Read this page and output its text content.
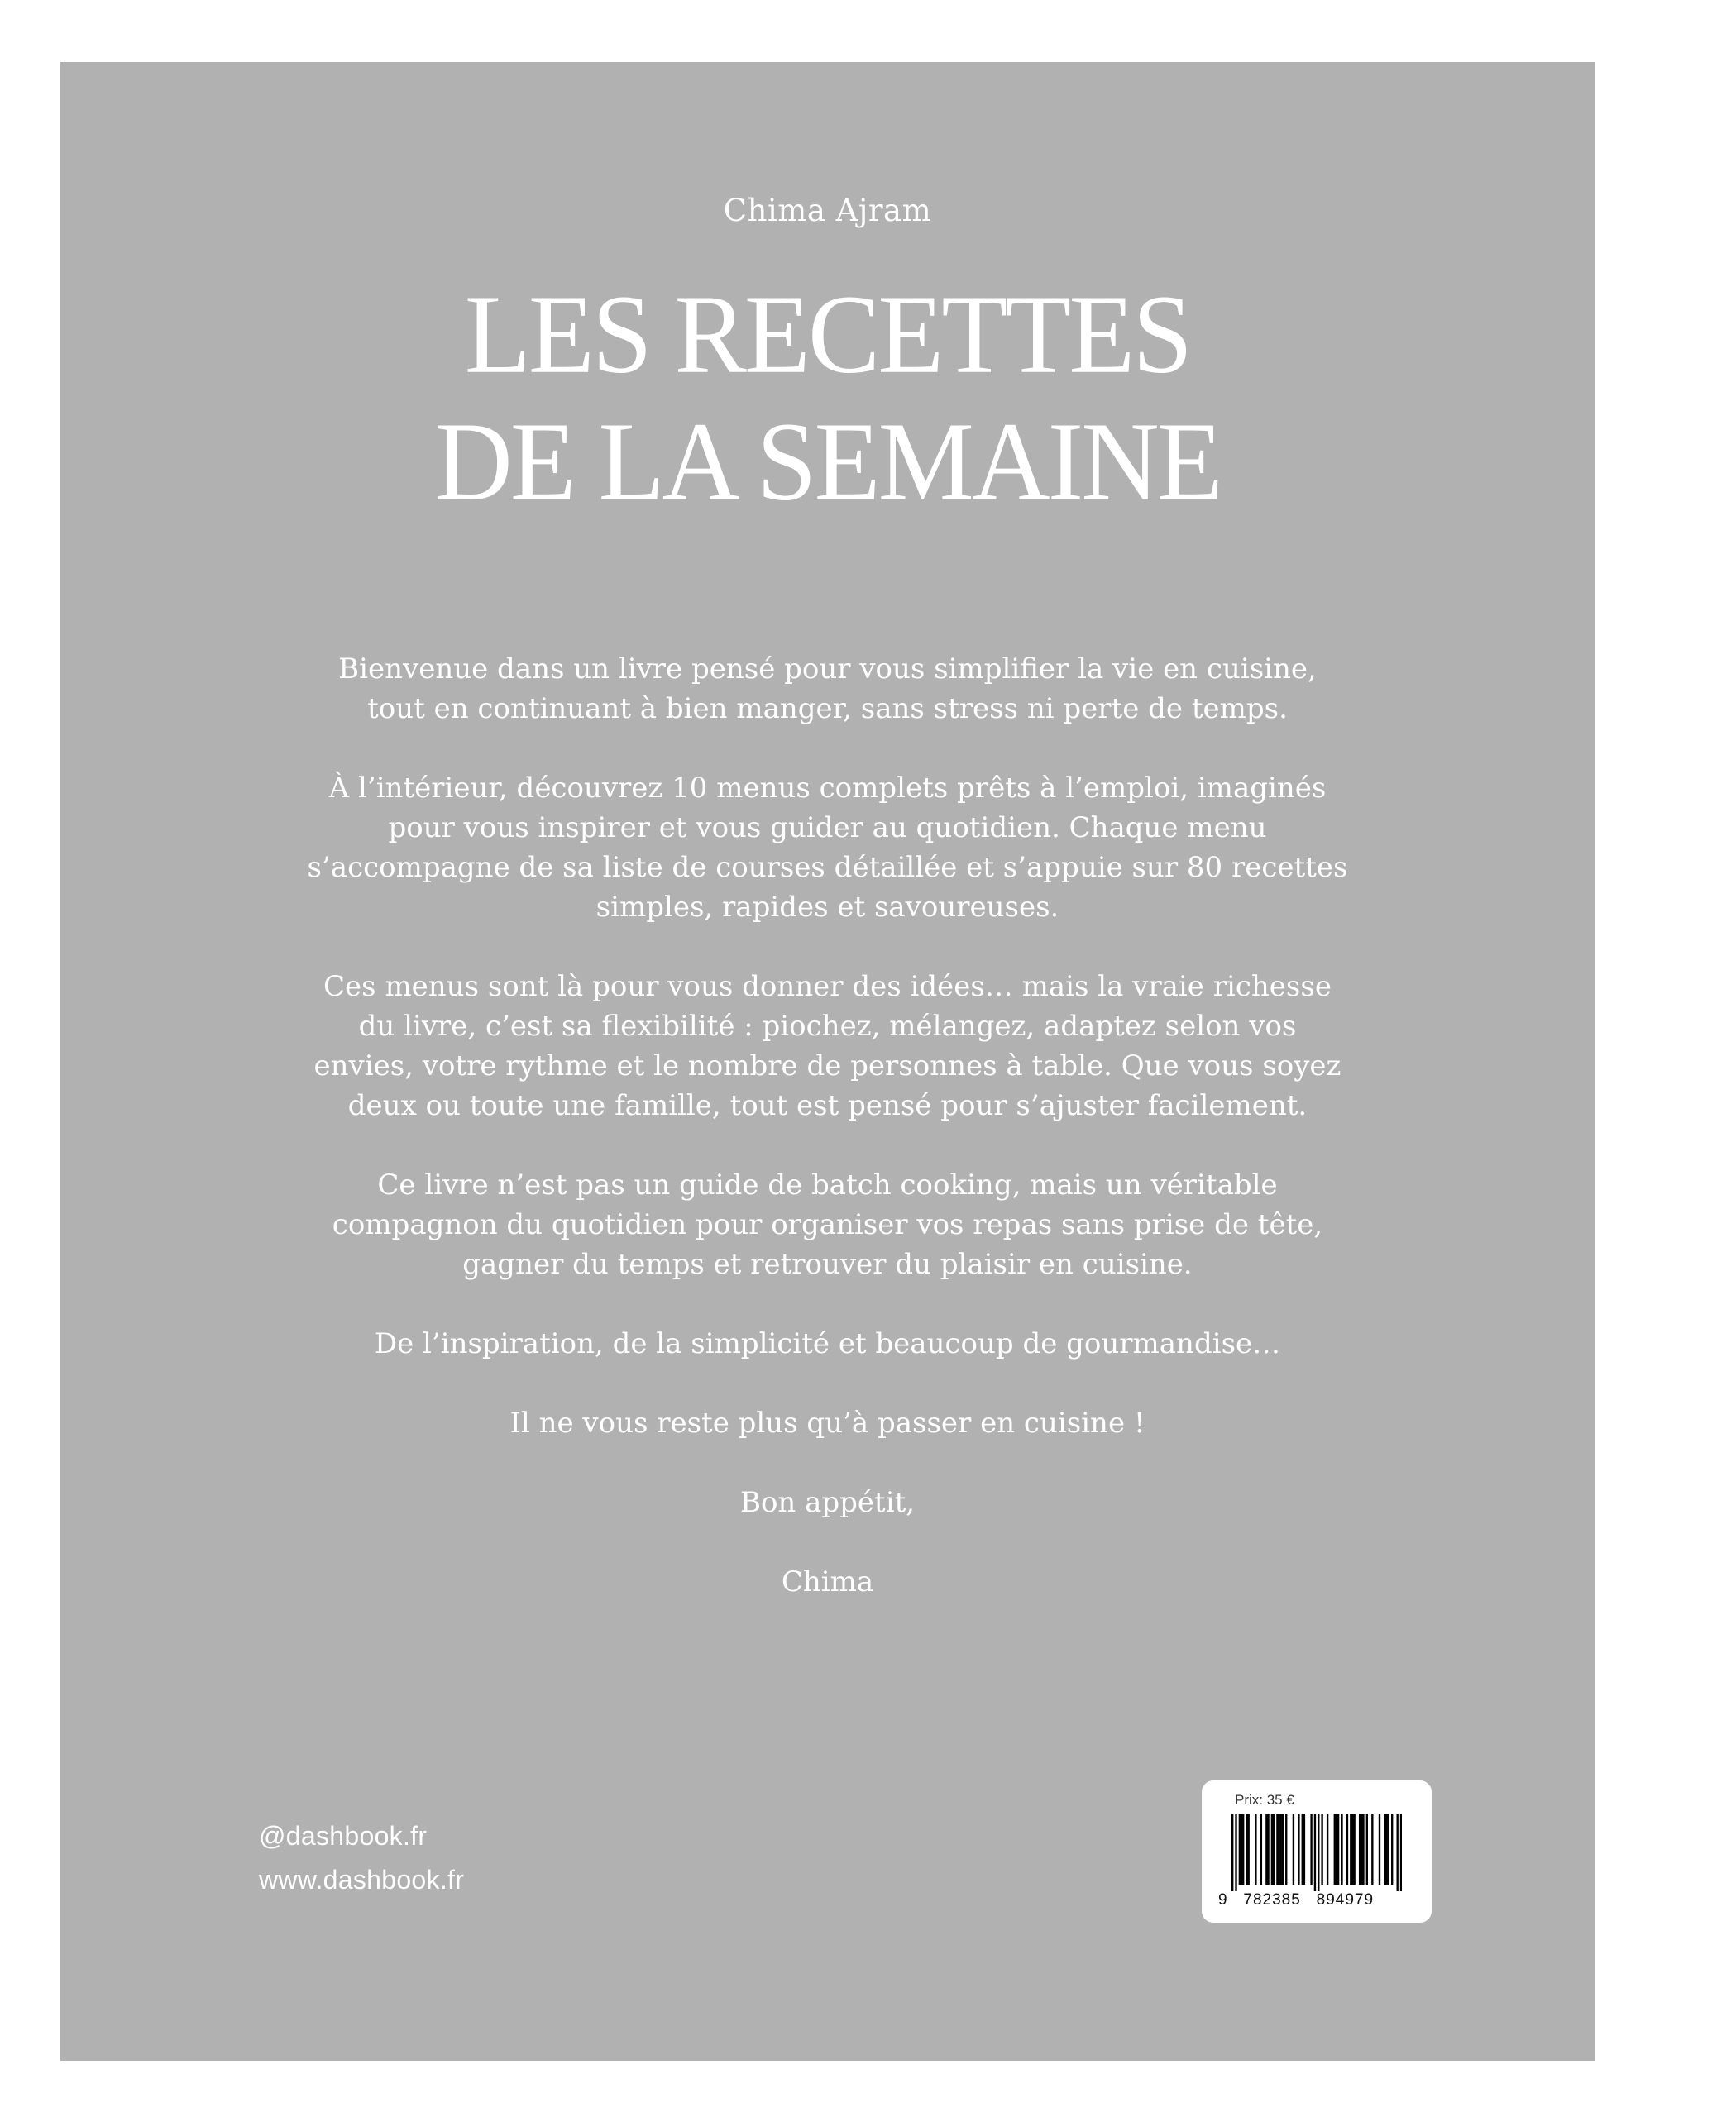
Chima Ajram
LES RECETTES
DE LA SEMAINE

Bienvenue dans un livre pensé pour vous simplifier la vie en cuisine,
tout en continuant à bien manger, sans stress ni perte de temps.

À l’intérieur, découvrez 10 menus complets prêts à l’emploi, imaginés
pour vous inspirer et vous guider au quotidien. Chaque menu
s’accompagne de sa liste de courses détaillée et s’appuie sur 80 recettes
simples, rapides et savoureuses.

Ces menus sont là pour vous donner des idées… mais la vraie richesse
du livre, c’est sa flexibilité : piochez, mélangez, adaptez selon vos
envies, votre rythme et le nombre de personnes à table. Que vous soyez
deux ou toute une famille, tout est pensé pour s’ajuster facilement.

Ce livre n’est pas un guide de batch cooking, mais un véritable
compagnon du quotidien pour organiser vos repas sans prise de tête,
gagner du temps et retrouver du plaisir en cuisine.

De l’inspiration, de la simplicité et beaucoup de gourmandise…

Il ne vous reste plus qu’à passer en cuisine !

Bon appétit,

Chima

@dashbook.fr
www.dashbook.fr
Prix: 35 €
9   782385   894979
